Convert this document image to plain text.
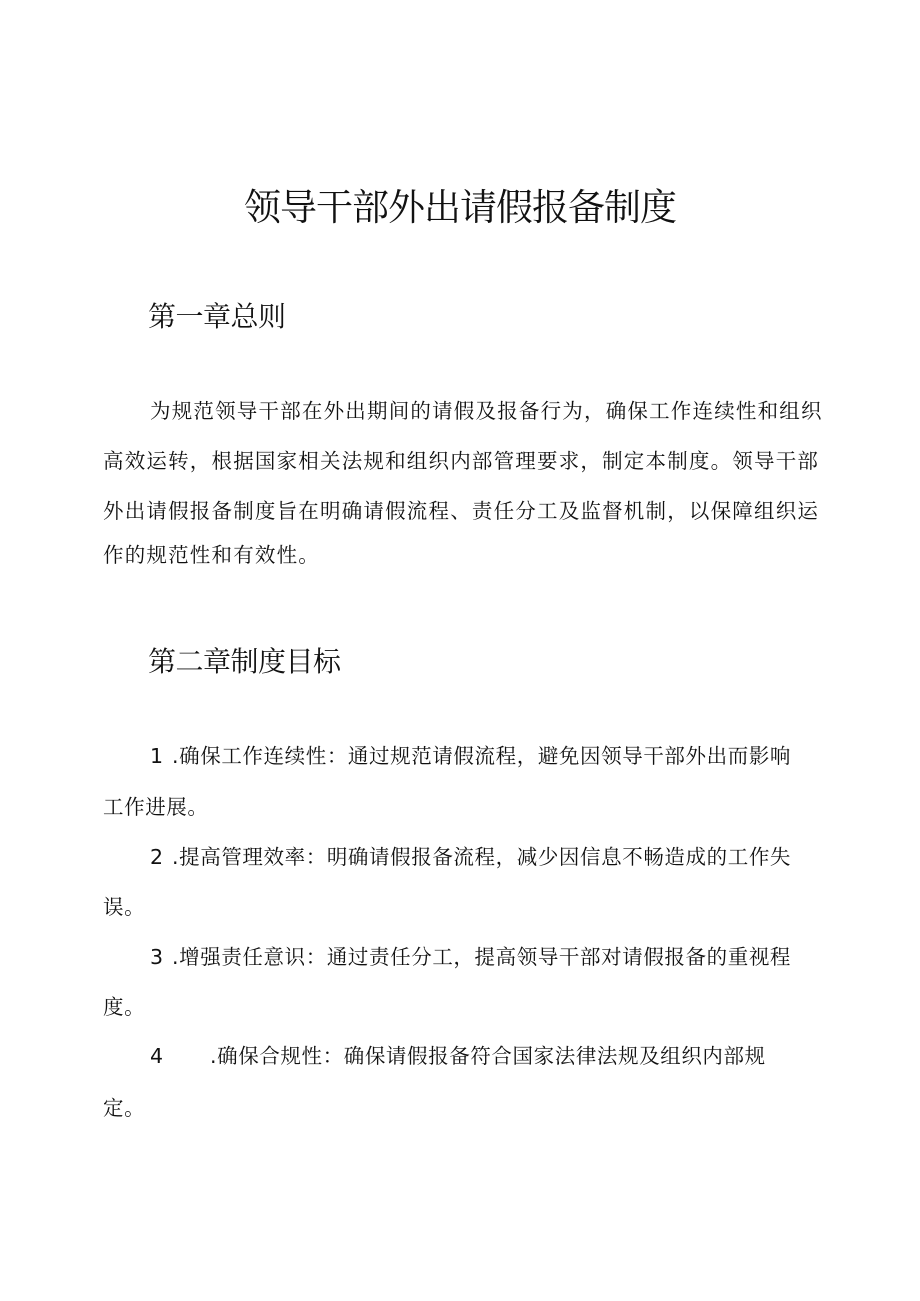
领导干部外出请假报备制度
第一章总则

为规范领导干部在外出期间的请假及报备行为，确保工作连续性和组织

高效运转，根据国家相关法规和组织内部管理要求，制定本制度。领导干部

外出请假报备制度旨在明确请假流程、责任分工及监督机制，以保障组织运

作的规范性和有效性。

第二章制度目标
1 .确保工作连续性：通过规范请假流程，避免因领导干部外出而影响
工作进展。
2 .提高管理效率：明确请假报备流程，减少因信息不畅造成的工作失
误。
3 .增强责任意识：通过责任分工，提高领导干部对请假报备的重视程
度。
4 .确保合规性：确保请假报备符合国家法律法规及组织内部规
定。
